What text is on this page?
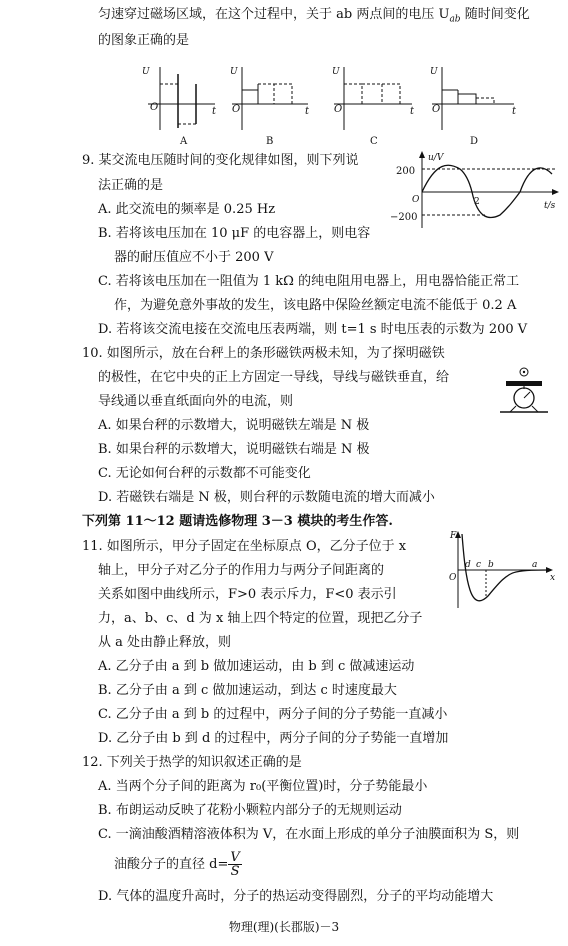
匀速穿过磁场区域，在这个过程中，关于 ab 两点间的电压 $U_{ab}$ 随时间变化
的图象正确的是
U
O	t
A
U
O	t
B
U
O	t
C
U
O	t
D
9. 某交流电压随时间的变化规律如图，则下列说
法正确的是
A. 此交流电的频率是 0.25 Hz
B. 若将该电压加在 10 μF 的电容器上，则电容
器的耐压值应不小于 200 V
C. 若将该电压加在一阻值为 1 kΩ 的纯电阻用电器上，用电器恰能正常工
作，为避免意外事故的发生，该电路中保险丝额定电流不能低于 0.2 A
D. 若将该交流电接在交流电压表两端，则 t=1 s 时电压表的示数为 200 V
200
−200
u/V
t/s
O	2
10. 如图所示，放在台秤上的条形磁铁两极未知，为了探明磁铁
的极性，在它中央的正上方固定一导线，导线与磁铁垂直，给
导线通以垂直纸面向外的电流，则
A. 如果台秤的示数增大，说明磁铁左端是 N 极
B. 如果台秤的示数增大，说明磁铁右端是 N 极
C. 无论如何台秤的示数都不可能变化
D. 若磁铁右端是 N 极，则台秤的示数随电流的增大而减小
下列第 11～12 题请选修物理 3－3 模块的考生作答.
11. 如图所示，甲分子固定在坐标原点 O，乙分子位于 x
轴上，甲分子对乙分子的作用力与两分子间距离的
关系如图中曲线所示，F>0 表示斥力，F<0 表示引
力，a、b、c、d 为 x 轴上四个特定的位置，现把乙分子
从 a 处由静止释放，则
A. 乙分子由 a 到 b 做加速运动，由 b 到 c 做减速运动
B. 乙分子由 a 到 c 做加速运动，到达 c 时速度最大
C. 乙分子由 a 到 b 的过程中，两分子间的分子势能一直减小
D. 乙分子由 b 到 d 的过程中，两分子间的分子势能一直增加
F
x
O
d c b	a
12. 下列关于热学的知识叙述正确的是
A. 当两个分子间的距离为 r₀(平衡位置)时，分子势能最小
B. 布朗运动反映了花粉小颗粒内部分子的无规则运动
C. 一滴油酸酒精溶液体积为 V，在水面上形成的单分子油膜面积为 S，则
油酸分子的直径 $d= \frac{V}{S}$
D. 气体的温度升高时，分子的热运动变得剧烈，分子的平均动能增大
物理(理)(长郡版)－3
